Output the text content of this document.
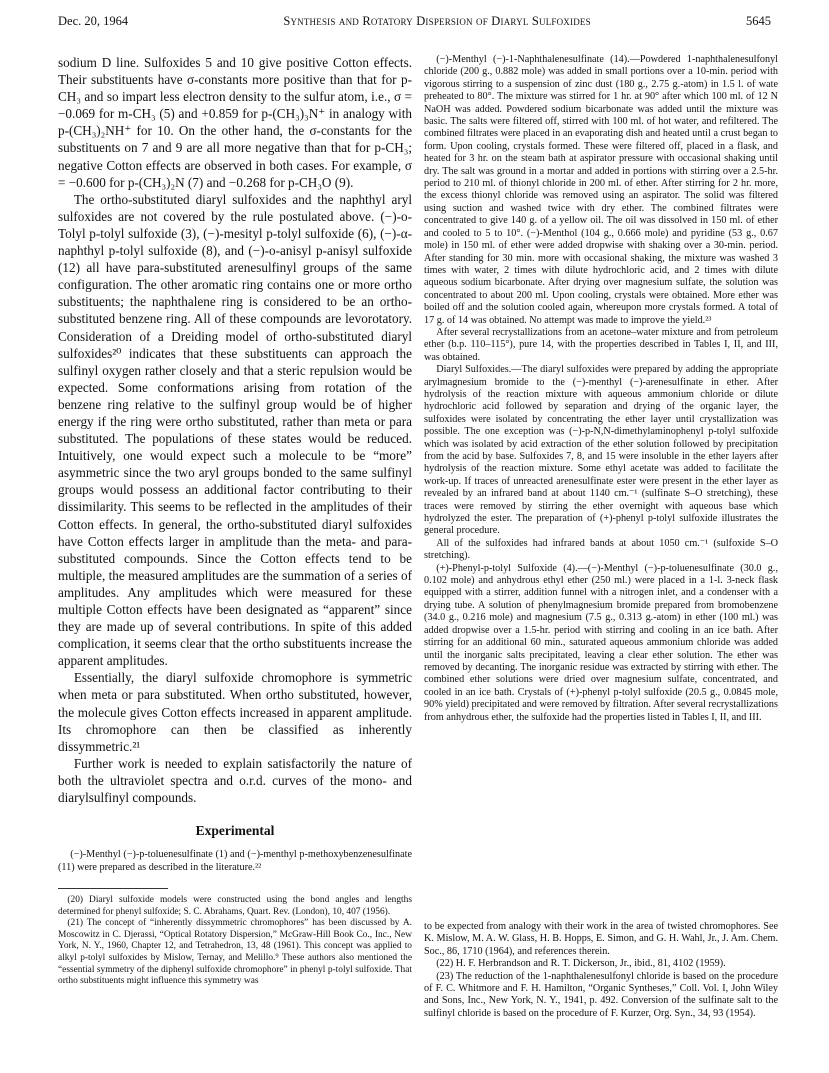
Dec. 20, 1964	Synthesis and Rotatory Dispersion of Diaryl Sulfoxides	5645

sodium D line. Sulfoxides 5 and 10 give positive Cotton effects. Their substituents have σ-constants more positive than that for p-CH₃ and so impart less electron density to the sulfur atom, i.e., σ = −0.069 for m-CH₃ (5) and +0.859 for p-(CH₃)₃N⁺ in analogy with p-(CH₃)₂NH⁺ for 10. On the other hand, the σ-constants for the substituents on 7 and 9 are all more negative than that for p-CH₃; negative Cotton effects are observed in both cases. For example, σ = −0.600 for p-(CH₃)₂N (7) and −0.268 for p-CH₃O (9).

The ortho-substituted diaryl sulfoxides and the naphthyl aryl sulfoxides are not covered by the rule postulated above. (−)-o-Tolyl p-tolyl sulfoxide (3), (−)-mesityl p-tolyl sulfoxide (6), (−)-α-naphthyl p-tolyl sulfoxide (8), and (−)-o-anisyl p-anisyl sulfoxide (12) all have para-substituted arenesulfinyl groups of the same configuration. The other aromatic ring contains one or more ortho substituents; the naphthalene ring is considered to be an ortho-substituted benzene ring. All of these compounds are levorotatory. Consideration of a Dreiding model of ortho-substituted diaryl sulfoxides²⁰ indicates that these substituents can approach the sulfinyl oxygen rather closely and that a steric repulsion would be expected. Some conformations arising from rotation of the benzene ring relative to the sulfinyl group would be of higher energy if the ring were ortho substituted, rather than meta or para substituted. The populations of these states would be reduced. Intuitively, one would expect such a molecule to be “more” asymmetric since the two aryl groups bonded to the same sulfinyl groups would possess an additional factor contributing to their dissimilarity. This seems to be reflected in the amplitudes of their Cotton effects. In general, the ortho-substituted diaryl sulfoxides have Cotton effects larger in amplitude than the meta- and para-substituted compounds. Since the Cotton effects tend to be multiple, the measured amplitudes are the summation of a series of amplitudes. Any amplitudes which were measured for these multiple Cotton effects have been designated as “apparent” since they are made up of several contributions. In spite of this added complication, it seems clear that the ortho substituents increase the apparent amplitudes.

Essentially, the diaryl sulfoxide chromophore is symmetric when meta or para substituted. When ortho substituted, however, the molecule gives Cotton effects increased in apparent amplitude. Its chromophore can then be classified as inherently dissymmetric.²¹

Further work is needed to explain satisfactorily the nature of both the ultraviolet spectra and o.r.d. curves of the mono- and diarylsulfinyl compounds.

Experimental

(−)-Menthyl (−)-p-toluenesulfinate (1) and (−)-menthyl p-methoxybenzenesulfinate (11) were prepared as described in the literature.²²

(20) Diaryl sulfoxide models were constructed using the bond angles and lengths determined for phenyl sulfoxide; S. C. Abrahams, Quart. Rev. (London), 10, 407 (1956).

(21) The concept of “inherently dissymmetric chromophores” has been discussed by A. Moscowitz in C. Djerassi, “Optical Rotatory Dispersion,” McGraw-Hill Book Co., Inc., New York, N. Y., 1960, Chapter 12, and Tetrahedron, 13, 48 (1961). This concept was applied to alkyl p-tolyl sulfoxides by Mislow, Ternay, and Melillo.⁹ These authors also mentioned the “essential symmetry of the diphenyl sulfoxide chromophore” in phenyl p-tolyl sulfoxide. That ortho substituents might influence this symmetry was

(−)-Menthyl (−)-1-Naphthalenesulfinate (14).—Powdered 1-naphthalenesulfonyl chloride (200 g., 0.882 mole) was added in small portions over a 10-min. period with vigorous stirring to a suspension of zinc dust (180 g., 2.75 g.-atom) in 1.5 l. of wate preheated to 80°. The mixture was stirred for 1 hr. at 90° after which 100 ml. of 12 N NaOH was added. Powdered sodium bicarbonate was added until the mixture was basic. The salts were filtered off, stirred with 100 ml. of hot water, and refiltered. The combined filtrates were placed in an evaporating dish and heated until a crust began to form. Upon cooling, crystals formed. These were filtered off, placed in a flask, and heated for 3 hr. on the steam bath at aspirator pressure with occasional shaking until dry. The salt was ground in a mortar and added in portions with stirring over a 2.5-hr. period to 210 ml. of thionyl chloride in 200 ml. of ether. After stirring for 2 hr. more, the excess thionyl chloride was removed using an aspirator. The solid was filtered using suction and washed twice with dry ether. The combined filtrates were concentrated to give 140 g. of a yellow oil. The oil was dissolved in 150 ml. of ether and cooled to 5 to 10°. (−)-Menthol (104 g., 0.666 mole) and pyridine (53 g., 0.67 mole) in 150 ml. of ether were added dropwise with shaking over a 30-min. period. After standing for 30 min. more with occasional shaking, the mixture was washed 3 times with water, 2 times with dilute hydrochloric acid, and 2 times with dilute aqueous sodium bicarbonate. After drying over magnesium sulfate, the solution was concentrated to about 200 ml. Upon cooling, crystals were obtained. More ether was boiled off and the solution cooled again, whereupon more crystals formed. A total of 17 g. of 14 was obtained. No attempt was made to improve the yield.²³

After several recrystallizations from an acetone–water mixture and from petroleum ether (b.p. 110–115°), pure 14, with the properties described in Tables I, II, and III, was obtained.

Diaryl Sulfoxides.—The diaryl sulfoxides were prepared by adding the appropriate arylmagnesium bromide to the (−)-menthyl (−)-arenesulfinate in ether. After hydrolysis of the reaction mixture with aqueous ammonium chloride or dilute hydrochloric acid followed by separation and drying of the organic layer, the sulfoxides were isolated by concentrating the ether layer until crystallization was possible. The one exception was (−)-p-N,N-dimethylaminophenyl p-tolyl sulfoxide which was isolated by acid extraction of the ether solution followed by precipitation from the acid by base. Sulfoxides 7, 8, and 15 were insoluble in the ether layers after hydrolysis of the reaction mixture. Some ethyl acetate was added to facilitate the work-up. If traces of unreacted arenesulfinate ester were present in the ether layer as revealed by an infrared band at about 1140 cm.⁻¹ (sulfinate S–O stretching), these traces were removed by stirring the ether overnight with aqueous base which hydrolyzed the ester. The preparation of (+)-phenyl p-tolyl sulfoxide illustrates the general procedure.

All of the sulfoxides had infrared bands at about 1050 cm.⁻¹ (sulfoxide S–O stretching).

(+)-Phenyl-p-tolyl Sulfoxide (4).—(−)-Menthyl (−)-p-toluenesulfinate (30.0 g., 0.102 mole) and anhydrous ethyl ether (250 ml.) were placed in a 1-l. 3-neck flask equipped with a stirrer, addition funnel with a nitrogen inlet, and a condenser with a drying tube. A solution of phenylmagnesium bromide prepared from bromobenzene (34.0 g., 0.216 mole) and magnesium (7.5 g., 0.313 g.-atom) in ether (100 ml.) was added dropwise over a 1.5-hr. period with stirring and cooling in an ice bath. After stirring for an additional 60 min., saturated aqueous ammonium chloride was added until the inorganic salts precipitated, leaving a clear ether solution. The ether was removed by decanting. The inorganic residue was extracted by stirring with ether. The combined ether solutions were dried over magnesium sulfate, concentrated, and cooled in an ice bath. Crystals of (+)-phenyl p-tolyl sulfoxide (20.5 g., 0.0845 mole, 90% yield) precipitated and were removed by filtration. After several recrystallizations from anhydrous ether, the sulfoxide had the properties listed in Tables I, II, and III.

to be expected from analogy with their work in the area of twisted chromophores. See K. Mislow, M. A. W. Glass, H. B. Hopps, E. Simon, and G. H. Wahl, Jr., J. Am. Chem. Soc., 86, 1710 (1964), and references therein.

(22) H. F. Herbrandson and R. T. Dickerson, Jr., ibid., 81, 4102 (1959).

(23) The reduction of the 1-naphthalenesulfonyl chloride is based on the procedure of F. C. Whitmore and F. H. Hamilton, “Organic Syntheses,” Coll. Vol. I, John Wiley and Sons, Inc., New York, N. Y., 1941, p. 492. Conversion of the sulfinate salt to the sulfinyl chloride is based on the procedure of F. Kurzer, Org. Syn., 34, 93 (1954).
